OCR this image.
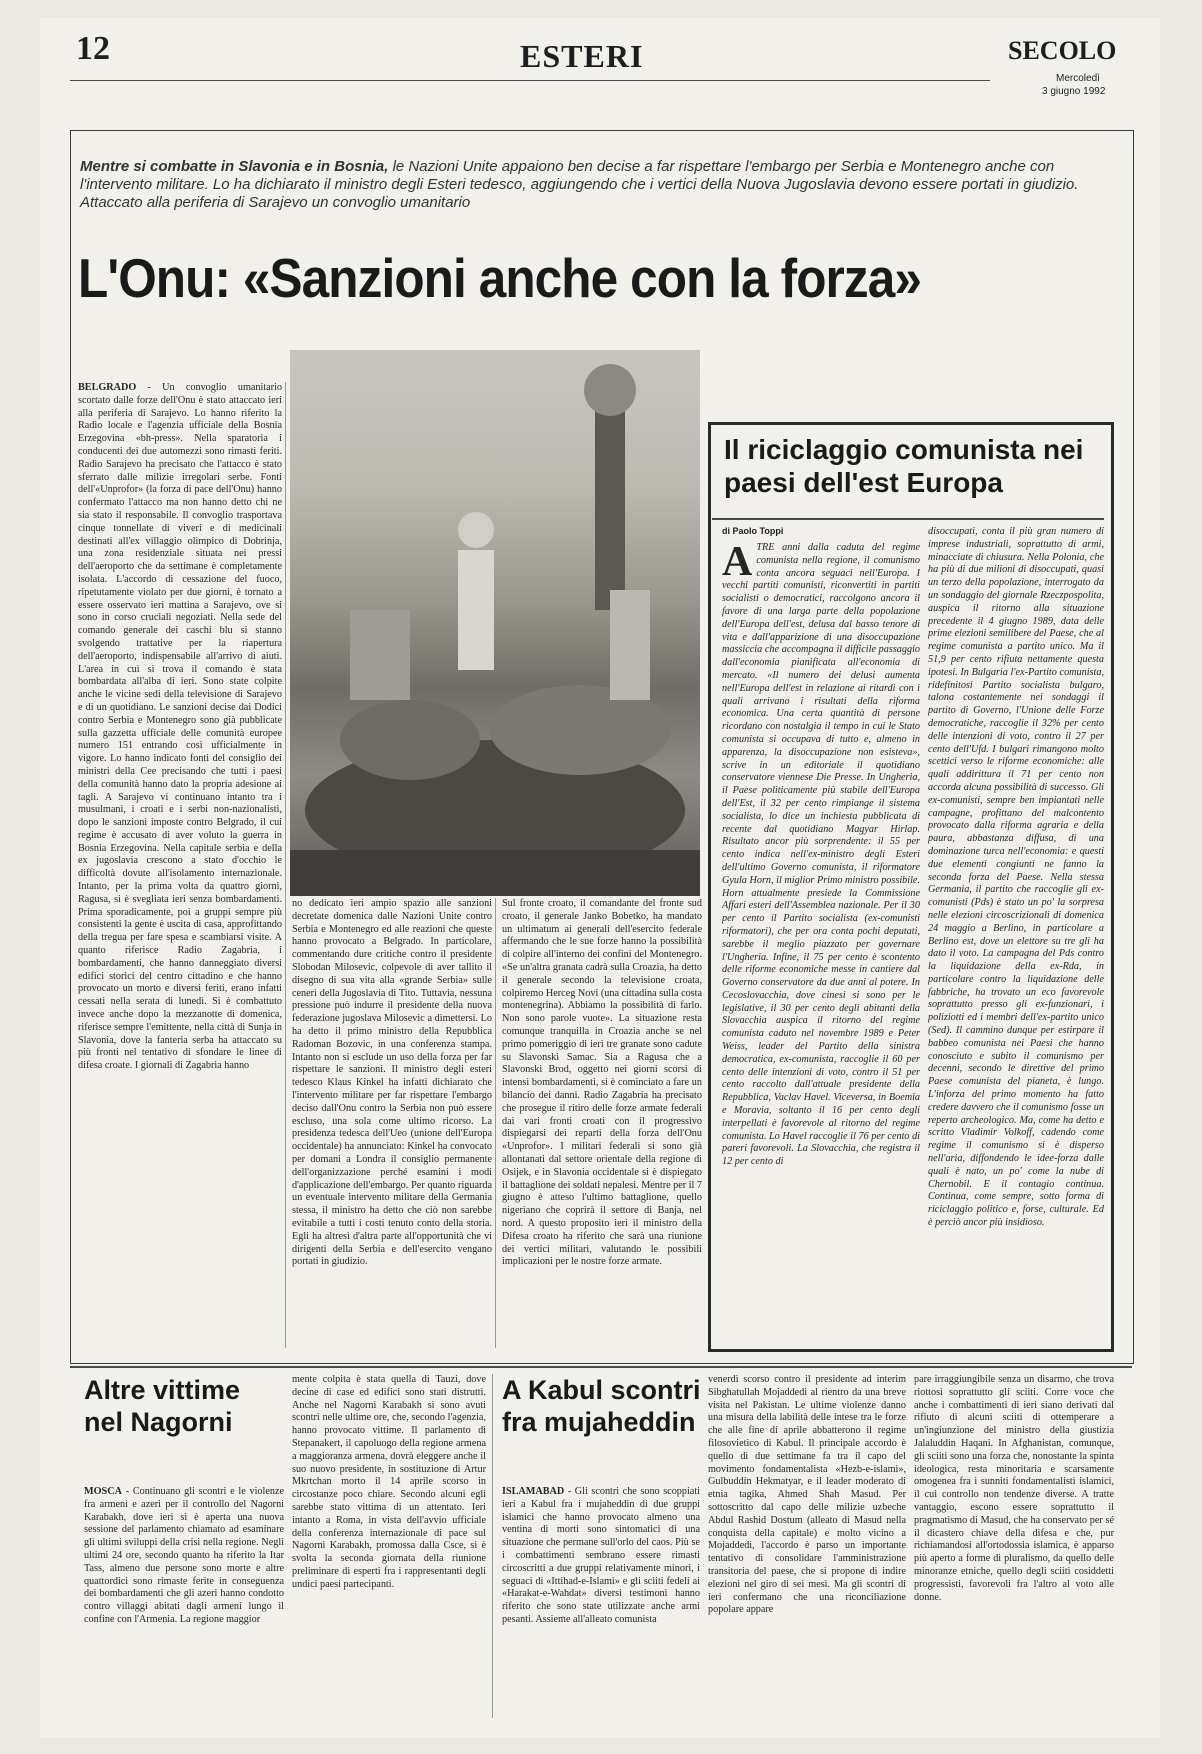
12	ESTERI	SECOLO
Mercoledì
3 giugno 1992
Mentre si combatte in Slavonia e in Bosnia, le Nazioni Unite appaiono ben decise a far rispettare l'embargo per Serbia e Montenegro anche con l'intervento militare. Lo ha dichiarato il ministro degli Esteri tedesco, aggiungendo che i vertici della Nuova Jugoslavia devono essere portati in giudizio. Attaccato alla periferia di Sarajevo un convoglio umanitario
L'Onu: «Sanzioni anche con la forza»

BELGRADO - Un convoglio umanitario scortato dalle forze dell'Onu è stato attaccato ieri alla periferia di Sarajevo. Lo hanno riferito la Radio locale e l'agenzia ufficiale della Bosnia Erzegovina «bh-press». Nella sparatoria i conducenti dei due automezzi sono rimasti feriti. Radio Sarajevo ha precisato che l'attacco è stato sferrato dalle milizie irregolari serbe. Fonti dell'«Unprofor» (la forza di pace dell'Onu) hanno confermato l'attacco ma non hanno detto chi ne sia stato il responsabile. Il convoglio trasportava cinque tonnellate di viveri e di medicinali destinati all'ex villaggio olimpico di Dobrinja, una zona residenziale situata nei pressi dell'aeroporto che da settimane è completamente isolata. L'accordo di cessazione del fuoco, ripetutamente violato per due giorni, è tornato a essere osservato ieri mattina a Sarajevo, ove si sono in corso cruciali negoziati. Nella sede del comando generale dei caschi blu si stanno svolgendo trattative per la riapertura dell'aeroporto, indispensabile all'arrivo di aiuti. L'area in cui si trova il comando è stata bombardata all'alba di ieri. Sono state colpite anche le vicine sedi della televisione di Sarajevo e di un quotidiano. Le sanzioni decise dai Dodici contro Serbia e Montenegro sono già pubblicate sulla gazzetta ufficiale delle comunità europee numero 151 entrando così ufficialmente in vigore. Lo hanno indicato fonti del consiglio dei ministri della Cee precisando che tutti i paesi della comunità hanno dato la propria adesione ai tagli. A Sarajevo vi continuano intanto tra i musulmani, i croati e i serbi non-nazionalisti, dopo le sanzioni imposte contro Belgrado, il cui regime è accusato di aver voluto la guerra in Bosnia Erzegovina. Nella capitale serbia e della ex jugoslavia crescono a stato d'occhio le difficoltà dovute all'isolamento internazionale. Intanto, per la prima volta da quattro giorni, Ragusa, si è svegliata ieri senza bombardamenti. Prima sporadicamente, poi a gruppi sempre più consistenti la gente è uscita di casa, approfittando della tregua per fare spesa e scambiarsi visite. A quanto riferisce Radio Zagabria, i bombardamenti, che hanno danneggiato diversi edifici storici del centro cittadino e che hanno provocato un morto e diversi feriti, erano infatti cessati nella serata di lunedì. Si è combattuto invece anche dopo la mezzanotte di domenica, riferisce sempre l'emittente, nella città di Sunja in Slavonia, dove la fanteria serba ha attaccato su più fronti nel tentativo di sfondare le linee di difesa croate. I giornali di Zagabria hanno

no dedicato ieri ampio spazio alle sanzioni decretate domenica dalle Nazioni Unite contro Serbia e Montenegro ed alle reazioni che queste hanno provocato a Belgrado. In particolare, commentando dure critiche contro il presidente Slobodan Milosevic, colpevole di aver tallito il disegno di sua vita alla «grande Serbia» sulle ceneri della Jugoslavia di Tito. Tuttavia, nessuna pressione può indurre il presidente della nuova federazione jugoslava Milosevic a dimettersi. Lo ha detto il primo ministro della Repubblica Radoman Bozovic, in una conferenza stampa. Intanto non si esclude un uso della forza per far rispettare le sanzioni. Il ministro degli esteri tedesco Klaus Kinkel ha infatti dichiarato che l'intervento militare per far rispettare l'embargo deciso dall'Onu contro la Serbia non può essere escluso, una sola come ultimo ricorso. La presidenza tedesca dell'Ueo (unione dell'Europa occidentale) ha annunciato: Kinkel ha convocato per domani a Londra il consiglio permanente dell'organizzazione perché esamini i modi d'applicazione dell'embargo. Per quanto riguarda un eventuale intervento militare della Germania stessa, il ministro ha detto che ciò non sarebbe evitabile a tutti i costi tenuto conto della storia. Egli ha altresì d'altra parte all'opportunità che vi dirigenti della Serbia e dell'esercito vengano portati in giudizio.

Sul fronte croato, il comandante del fronte sud croato, il generale Janko Bobetko, ha mandato un ultimatum ai generali dell'esercito federale affermando che le sue forze hanno la possibilità di colpire all'interno dei confini del Montenegro. «Se un'altra granata cadrà sulla Croazia, ha detto il generale secondo la televisione croata, colpiremo Herceg Novi (una cittadina sulla costa montenegrina). Abbiamo la possibilità di farlo. Non sono parole vuote». La situazione resta comunque tranquilla in Croazia anche se nel primo pomeriggio di ieri tre granate sono cadute su Slavonski Samac. Sia a Ragusa che a Slavonski Brod, oggetto nei giorni scorsi di intensi bombardamenti, si è cominciato a fare un bilancio dei danni. Radio Zagabria ha precisato che prosegue il ritiro delle forze armate federali dai vari fronti croati con il progressivo dispiegarsi dei reparti della forza dell'Onu «Unprofor». I militari federali si sono già allontanati dal settore orientale della regione di Osijek, e in Slavonia occidentale si è dispiegato il battaglione dei soldati nepalesi. Mentre per il 7 giugno è atteso l'ultimo battaglione, quello nigeriano che coprirà il settore di Banja, nel nord. A questo proposito ieri il ministro della Difesa croato ha riferito che sarà una riunione dei vertici militari, valutando le possibili implicazioni per le nostre forze armate.

Il riciclaggio comunista nei paesi dell'est Europa
di Paolo Toppi
A TRE anni dalla caduta del regime comunista nella regione, il comunismo conta ancora seguaci nell'Europa. I vecchi partiti comunisti, riconvertiti in partiti socialisti o democratici, raccolgono ancora il favore di una larga parte della popolazione dell'Europa dell'est, delusa dal basso tenore di vita e dall'apparizione di una disoccupazione massiccia che accompagna il difficile passaggio dall'economia pianificata all'economia di mercato. «Il numero dei delusi aumenta nell'Europa dell'est in relazione ai ritardi con i quali arrivano i risultati della riforma economica. Una certa quantità di persone ricordano con nostalgia il tempo in cui le Stato comunista si occupava di tutto e, almeno in apparenza, la disoccupazione non esisteva», scrive in un editoriale il quotidiano conservatore viennese Die Presse. In Ungheria, il Paese politicamente più stabile dell'Europa dell'Est, il 32 per cento rimpiange il sistema socialista, lo dice un inchiesta pubblicata di recente dal quotidiano Magyar Hirlap. Risultato ancor più sorprendente: il 55 per cento indica nell'ex-ministro degli Esteri dell'ultimo Governo comunista, il riformatore Gyula Horn, il miglior Primo ministro possibile. Horn attualmente presiede la Commissione Affari esteri dell'Assemblea nazionale. Per il 30 per cento il Partito socialista (ex-comunisti riformatori), che per ora conta pochi deputati, sarebbe il meglio piazzato per governare l'Ungheria. Infine, il 75 per cento è scontento delle riforme economiche messe in cantiere dal Governo conservatore da due anni al potere. In Cecoslovacchia, dove cinesi si sono per le legislative, il 30 per cento degli abitanti della Slovacchia auspica il ritorno del regime comunista caduto nel novembre 1989 e Peter Weiss, leader del Partito della sinistra democratica, ex-comunista, raccoglie il 60 per cento delle intenzioni di voto, contro il 51 per cento raccolto dall'attuale presidente della Repubblica, Vaclav Havel. Viceversa, in Boemia e Moravia, soltanto il 16 per cento degli interpellati è favorevole al ritorno del regime comunista. Lo Havel raccoglie il 76 per cento di pareri favorevoli. La Slovacchia, che registra il 12 per cento di
disoccupati, conta il più gran numero di imprese industriali, soprattutto di armi, minacciate di chiusura. Nella Polonia, che ha più di due milioni di disoccupati, quasi un terzo della popolazione, interrogato da un sondaggio del giornale Rzeczpospolita, auspica il ritorno alla situazione precedente il 4 giugno 1989, data delle prime elezioni semilibere del Paese, che al regime comunista a partito unico. Ma il 51,9 per cento rifiuta nettamente questa ipotesi. In Bulgaria l'ex-Partito comunista, ridefinitosi Partito socialista bulgaro, talona costantemente nei sondaggi il partito di Governo, l'Unione delle Forze democratiche, raccoglie il 32% per cento delle intenzioni di voto, contro il 27 per cento dell'Ufd. I bulgari rimangono molto scettici verso le riforme economiche: alle quali addirittura il 71 per cento non accorda alcuna possibilità di successo. Gli ex-comunisti, sempre ben impiantati nelle campagne, profittano del malcontento provocato dalla riforma agraria e della paura, abbastanza diffusa, di una dominazione turca nell'economia: e questi due elementi congiunti ne fanno la seconda forza del Paese. Nella stessa Germania, il partito che raccoglie gli ex-comunisti (Pds) è stato un po' la sorpresa nelle elezioni circoscrizionali di domenica 24 maggio a Berlino, in particolare a Berlino est, dove un elettore su tre gli ha dato il voto. La campagna del Pds contro la liquidazione della ex-Rda, in particolare contro la liquidazione delle fabbriche, ha trovato un eco favorevole soprattutto presso gli ex-funzionari, i poliziotti ed i membri dell'ex-partito unico (Sed). Il cammino dunque per estirpare il babbeo comunista nei Paesi che hanno conosciuto e subito il comunismo per decenni, secondo le direttive del primo Paese comunista del pianeta, è lungo. L'inforza del primo momento ha fatto credere davvero che il comunismo fosse un reperto archeologico. Ma, come ha detto e scritto Vladimir Volkoff, cadendo come regime il comunismo si è disperso nell'aria, diffondendo le idee-forza dalle quali è nato, un po' come la nube di Chernobil. E il contagio continua. Continua, come sempre, sotto forma di riciclaggio politico e, forse, culturale. Ed è perciò ancor più insidioso.
Altre vittime nel Nagorni

MOSCA - Continuano gli scontri e le violenze fra armeni e azeri per il controllo del Nagorni Karabakh, dove ieri si è aperta una nuova sessione del parlamento chiamato ad esaminare gli ultimi sviluppi della crisi nella regione. Negli ultimi 24 ore, secondo quanto ha riferito la Itar Tass, almeno due persone sono morte e altre quattordici sono rimaste ferite in conseguenza dei bombardamenti che gli azeri hanno condotto contro villaggi abitati dagli armeni lungo il confine con l'Armenia. La regione maggior

mente colpita è stata quella di Tauzi, dove decine di case ed edifici sono stati distrutti. Anche nel Nagorni Karabakh si sono avuti scontri nelle ultime ore, che, secondo l'agenzia, hanno provocato vittime. Il parlamento di Stepanakert, il capoluogo della regione armena a maggioranza armena, dovrà eleggere anche il suo nuovo presidente, in sostituzione di Artur Mkrtchan morto il 14 aprile scorso in circostanze poco chiare. Secondo alcuni egli sarebbe stato vittima di un attentato. Ieri intanto a Roma, in vista dell'avvio ufficiale della conferenza internazionale di pace sul Nagorni Karabakh, promossa dalla Csce, si è svolta la seconda giornata della riunione preliminare di esperti fra i rappresentanti degli undici paesi partecipanti.

A Kabul scontri fra mujaheddin

ISLAMABAD - Gli scontri che sono scoppiati ieri a Kabul fra i mujaheddin di due gruppi islamici che hanno provocato almeno una ventina di morti sono sintomatici di una situazione che permane sull'orlo del caos. Più se i combattimenti sembrano essere rimasti circoscritti a due gruppi relativamente minori, i seguaci di «Ittihad-e-Islami» e gli sciiti fedeli ai «Harakat-e-Wahdat» diversi testimoni hanno riferito che sono state utilizzate anche armi pesanti. Assieme all'alleato comunista

venerdì scorso contro il presidente ad interim Sibghatullah Mojaddedi al rientro da una breve visita nel Pakistan. Le ultime violenze danno una misura della labilità delle intese tra le forze che alle fine di aprile abbatterono il regime filosovietico di Kabul. Il principale accordo è quello di due settimane fa tra il capo del movimento fondamentalista «Hezb-e-islami», Gulbuddin Hekmatyar, e il leader moderato di etnia tagika, Ahmed Shah Masud. Per sottoscritto dal capo delle milizie uzbeche Abdul Rashid Dostum (alleato di Masud nella conquista della capitale) e molto vicino a Mojaddedi, l'accordo è parso un importante tentativo di consolidare l'amministrazione transitoria del paese, che si propone di indire elezioni nel giro di sei mesi. Ma gli scontri di ieri confermano che una riconciliazione popolare appare

pare irraggiungibile senza un disarmo, che trova riottosi soprattutto gli sciiti. Corre voce che anche i combattimenti di ieri siano derivati dal rifiuto di alcuni sciiti di ottemperare a un'ingiunzione del ministro della giustizia Jalaluddin Haqani. In Afghanistan, comunque, gli sciiti sono una forza che, nonostante la spinta ideologica, resta minoritaria e scarsamente omogenea fra i sunniti fondamentalisti islamici, il cui controllo non tendenze diverse. A tratte vantaggio, escono essere soprattutto il pragmatismo di Masud, che ha conservato per sé il dicastero chiave della difesa e che, pur richiamandosi all'ortodossia islamica, è apparso più aperto a forme di pluralismo, da quello delle minoranze etniche, quello degli sciiti cosiddetti progressisti, favorevoli fra l'altro al voto alle donne.
